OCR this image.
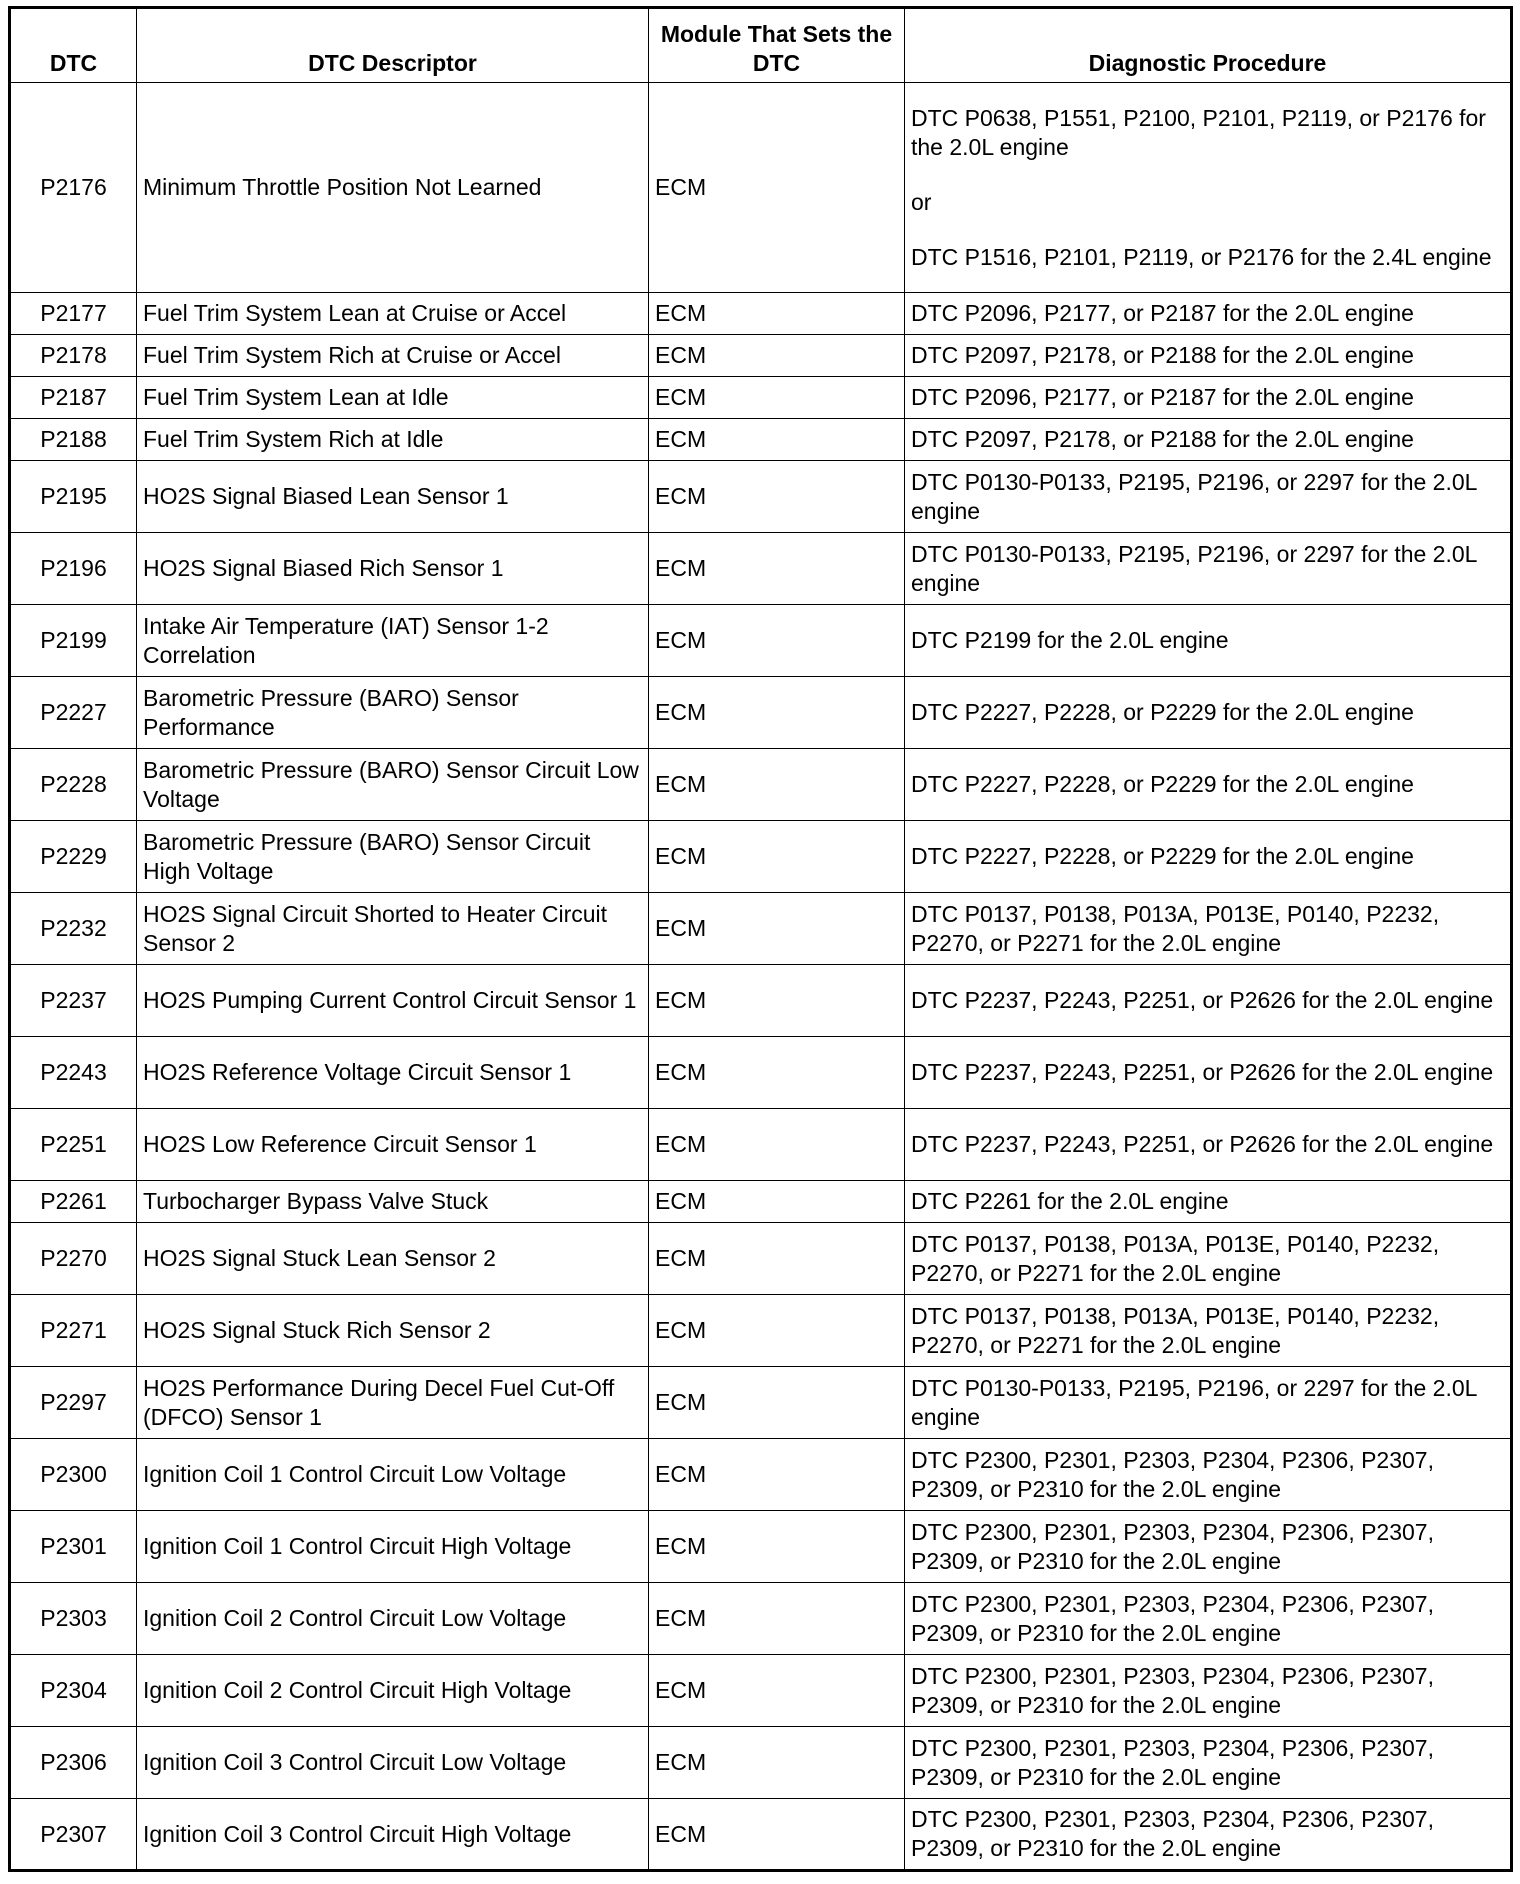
DTC	DTC Descriptor	Module That Sets the DTC	Diagnostic Procedure
P2176	Minimum Throttle Position Not Learned	ECM	DTC P0638, P1551, P2100, P2101, P2119, or P2176 for the 2.0L engine
or
DTC P1516, P2101, P2119, or P2176 for the 2.4L engine

P2177	Fuel Trim System Lean at Cruise or Accel	ECM	DTC P2096, P2177, or P2187 for the 2.0L engine
P2178	Fuel Trim System Rich at Cruise or Accel	ECM	DTC P2097, P2178, or P2188 for the 2.0L engine
P2187	Fuel Trim System Lean at Idle	ECM	DTC P2096, P2177, or P2187 for the 2.0L engine
P2188	Fuel Trim System Rich at Idle	ECM	DTC P2097, P2178, or P2188 for the 2.0L engine
P2195	HO2S Signal Biased Lean Sensor 1	ECM	DTC P0130-P0133, P2195, P2196, or 2297 for the 2.0L engine
P2196	HO2S Signal Biased Rich Sensor 1	ECM	DTC P0130-P0133, P2195, P2196, or 2297 for the 2.0L engine
P2199	Intake Air Temperature (IAT) Sensor 1-2 Correlation	ECM	DTC P2199 for the 2.0L engine
P2227	Barometric Pressure (BARO) Sensor Performance	ECM	DTC P2227, P2228, or P2229 for the 2.0L engine
P2228	Barometric Pressure (BARO) Sensor Circuit Low Voltage	ECM	DTC P2227, P2228, or P2229 for the 2.0L engine
P2229	Barometric Pressure (BARO) Sensor Circuit High Voltage	ECM	DTC P2227, P2228, or P2229 for the 2.0L engine
P2232	HO2S Signal Circuit Shorted to Heater Circuit Sensor 2	ECM	DTC P0137, P0138, P013A, P013E, P0140, P2232, P2270, or P2271 for the 2.0L engine
P2237	HO2S Pumping Current Control Circuit Sensor 1	ECM	DTC P2237, P2243, P2251, or P2626 for the 2.0L engine
P2243	HO2S Reference Voltage Circuit Sensor 1	ECM	DTC P2237, P2243, P2251, or P2626 for the 2.0L engine
P2251	HO2S Low Reference Circuit Sensor 1	ECM	DTC P2237, P2243, P2251, or P2626 for the 2.0L engine
P2261	Turbocharger Bypass Valve Stuck	ECM	DTC P2261 for the 2.0L engine
P2270	HO2S Signal Stuck Lean Sensor 2	ECM	DTC P0137, P0138, P013A, P013E, P0140, P2232, P2270, or P2271 for the 2.0L engine
P2271	HO2S Signal Stuck Rich Sensor 2	ECM	DTC P0137, P0138, P013A, P013E, P0140, P2232, P2270, or P2271 for the 2.0L engine
P2297	HO2S Performance During Decel Fuel Cut-Off (DFCO) Sensor 1	ECM	DTC P0130-P0133, P2195, P2196, or 2297 for the 2.0L engine
P2300	Ignition Coil 1 Control Circuit Low Voltage	ECM	DTC P2300, P2301, P2303, P2304, P2306, P2307, P2309, or P2310 for the 2.0L engine
P2301	Ignition Coil 1 Control Circuit High Voltage	ECM	DTC P2300, P2301, P2303, P2304, P2306, P2307, P2309, or P2310 for the 2.0L engine
P2303	Ignition Coil 2 Control Circuit Low Voltage	ECM	DTC P2300, P2301, P2303, P2304, P2306, P2307, P2309, or P2310 for the 2.0L engine
P2304	Ignition Coil 2 Control Circuit High Voltage	ECM	DTC P2300, P2301, P2303, P2304, P2306, P2307, P2309, or P2310 for the 2.0L engine
P2306	Ignition Coil 3 Control Circuit Low Voltage	ECM	DTC P2300, P2301, P2303, P2304, P2306, P2307, P2309, or P2310 for the 2.0L engine
P2307	Ignition Coil 3 Control Circuit High Voltage	ECM	DTC P2300, P2301, P2303, P2304, P2306, P2307, P2309, or P2310 for the 2.0L engine
